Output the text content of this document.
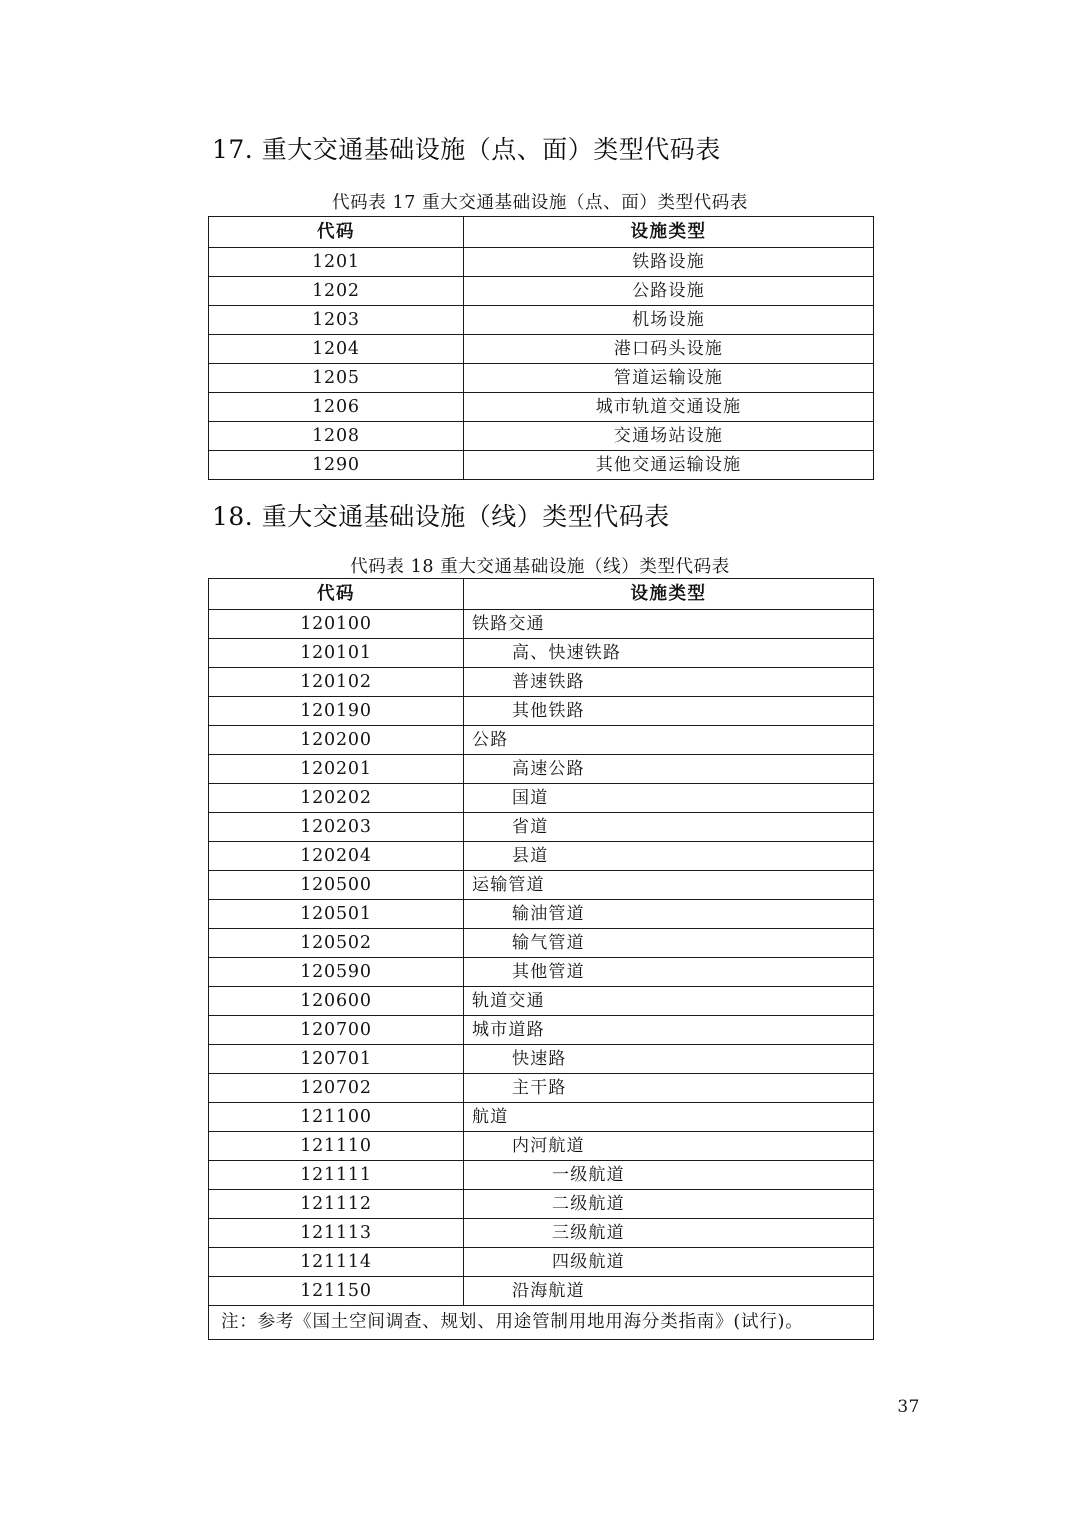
17. 重大交通基础设施（点、面）类型代码表
代码表 17 重大交通基础设施（点、面）类型代码表
代码	设施类型
1201	铁路设施
1202	公路设施
1203	机场设施
1204	港口码头设施
1205	管道运输设施
1206	城市轨道交通设施
1208	交通场站设施
1290	其他交通运输设施
18. 重大交通基础设施（线）类型代码表
代码表 18 重大交通基础设施（线）类型代码表
代码	设施类型
120100	铁路交通
120101	高、快速铁路
120102	普速铁路
120190	其他铁路
120200	公路
120201	高速公路
120202	国道
120203	省道
120204	县道
120500	运输管道
120501	输油管道
120502	输气管道
120590	其他管道
120600	轨道交通
120700	城市道路
120701	快速路
120702	主干路
121100	航道
121110	内河航道
121111	一级航道
121112	二级航道
121113	三级航道
121114	四级航道
121150	沿海航道
注：参考《国土空间调查、规划、用途管制用地用海分类指南》(试行)。	
37
